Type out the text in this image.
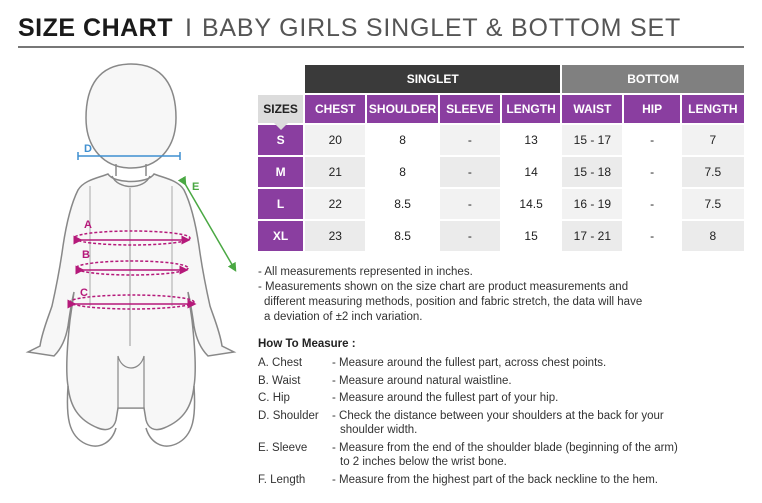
SIZE CHART I BABY GIRLS SINGLET & BOTTOM SET
D
E
A
B
C
	SINGLET				BOTTOM		
SIZES	CHEST	SHOULDER	SLEEVE	LENGTH	WAIST	HIP	LENGTH
S	20	8	-	13	15 - 17	-	7
M	21	8	-	14	15 - 18	-	7.5
L	22	8.5	-	14.5	16 - 19	-	7.5
XL	23	8.5	-	15	17 - 21	-	8
- All measurements represented in inches.
- Measurements shown on the size chart are product measurements and
different measuring methods, position and fabric stretch, the data will have
a deviation of ±2 inch variation.
How To Measure :
A. Chest	- Measure around the fullest part, across chest points.
B. Waist	- Measure around natural waistline.
C. Hip	- Measure around the fullest part of your hip.
D. Shoulder	- Check the distance between your shoulders at the back for your
shoulder width.
E. Sleeve	- Measure from the end of the shoulder blade (beginning of the arm)
to 2 inches below the wrist bone.
F. Length	- Measure from the highest part of the back neckline to the hem.
